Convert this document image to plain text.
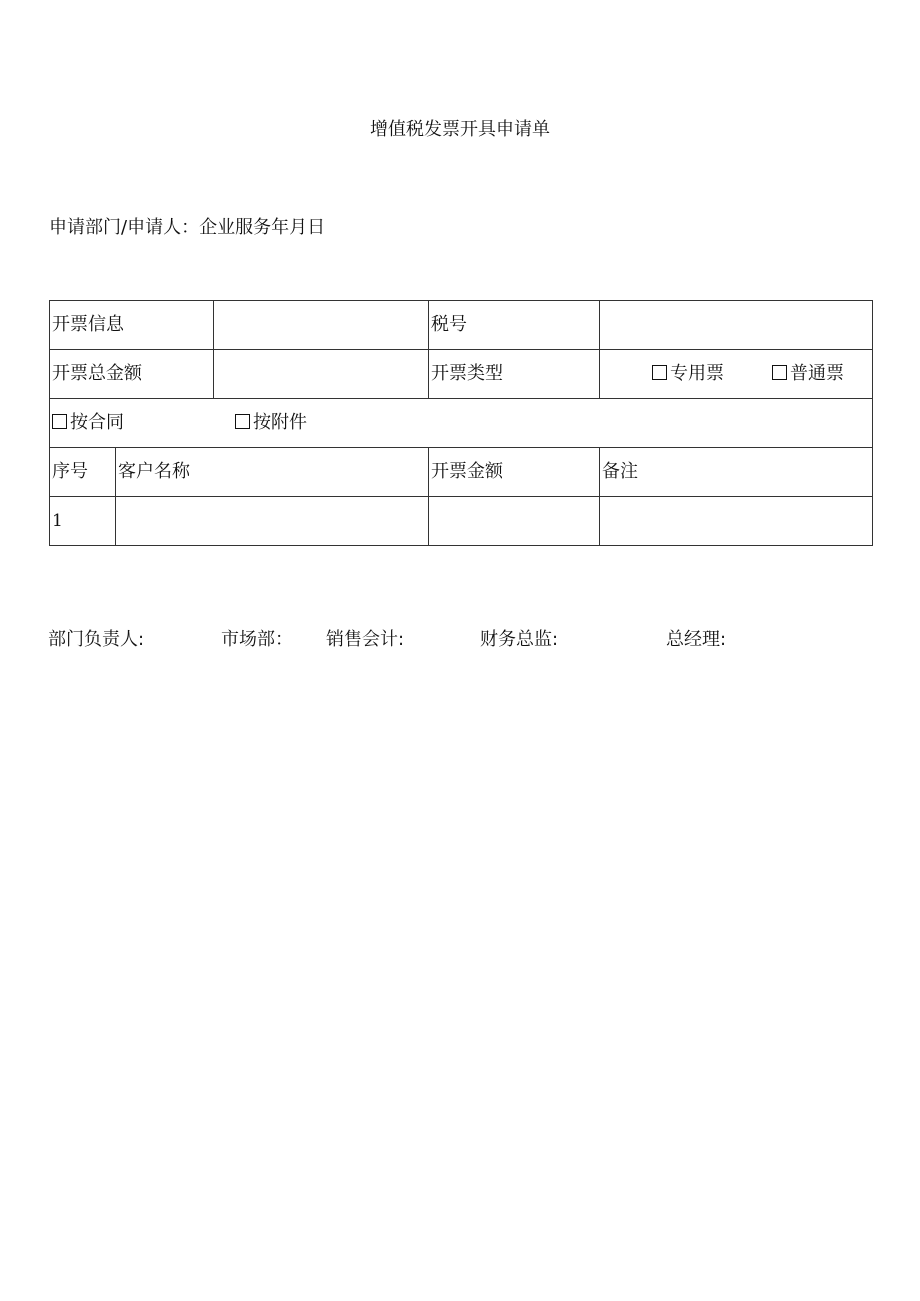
增值税发票开具申请单
申请部门/申请人：企业服务年月日
开票信息			税号	
开票总金额			开票类型	专用票 普通票
按合同 按附件				
序号	客户名称		开票金额	备注
1				
部门负责人:	市场部： 销售会计:	财务总监:	总经理:
